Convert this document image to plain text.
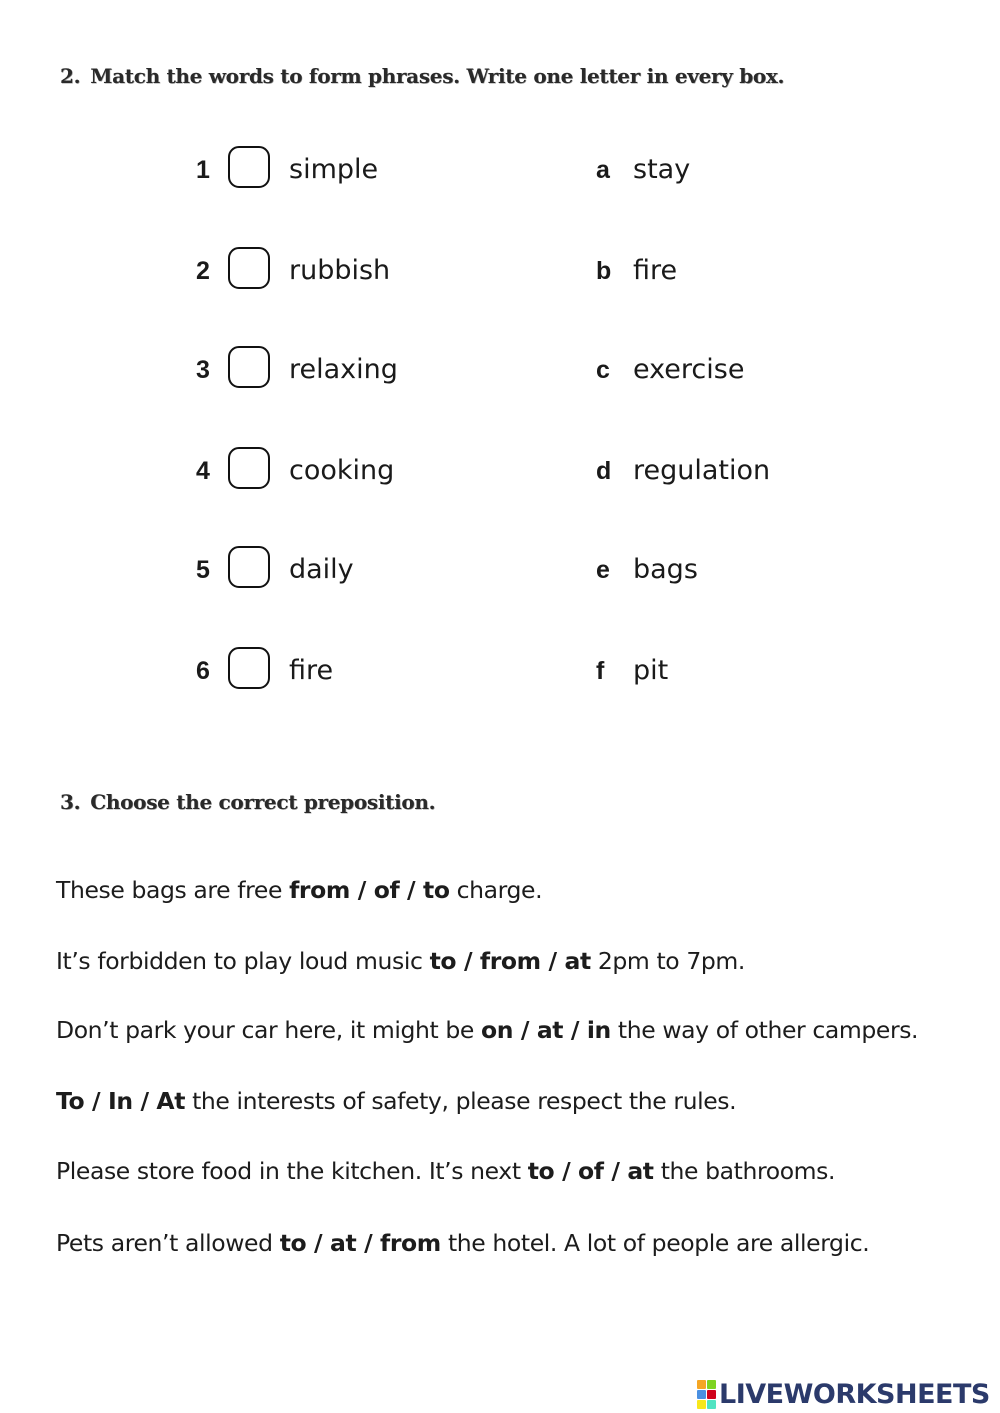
2. Match the words to form phrases. Write one letter in every box.
1	simple	a stay
2	rubbish	b fire
3	relaxing	c exercise
4	cooking	d regulation
5	daily	e bags
6	fire	f pit
3. Choose the correct preposition.
These bags are free from / of / to charge.
It’s forbidden to play loud music to / from / at 2pm to 7pm.
Don’t park your car here, it might be on / at / in the way of other campers.
To / In / At the interests of safety, please respect the rules.
Please store food in the kitchen. It’s next to / of / at the bathrooms.
Pets aren’t allowed to / at / from the hotel. A lot of people are allergic.
LIVEWORKSHEETS
